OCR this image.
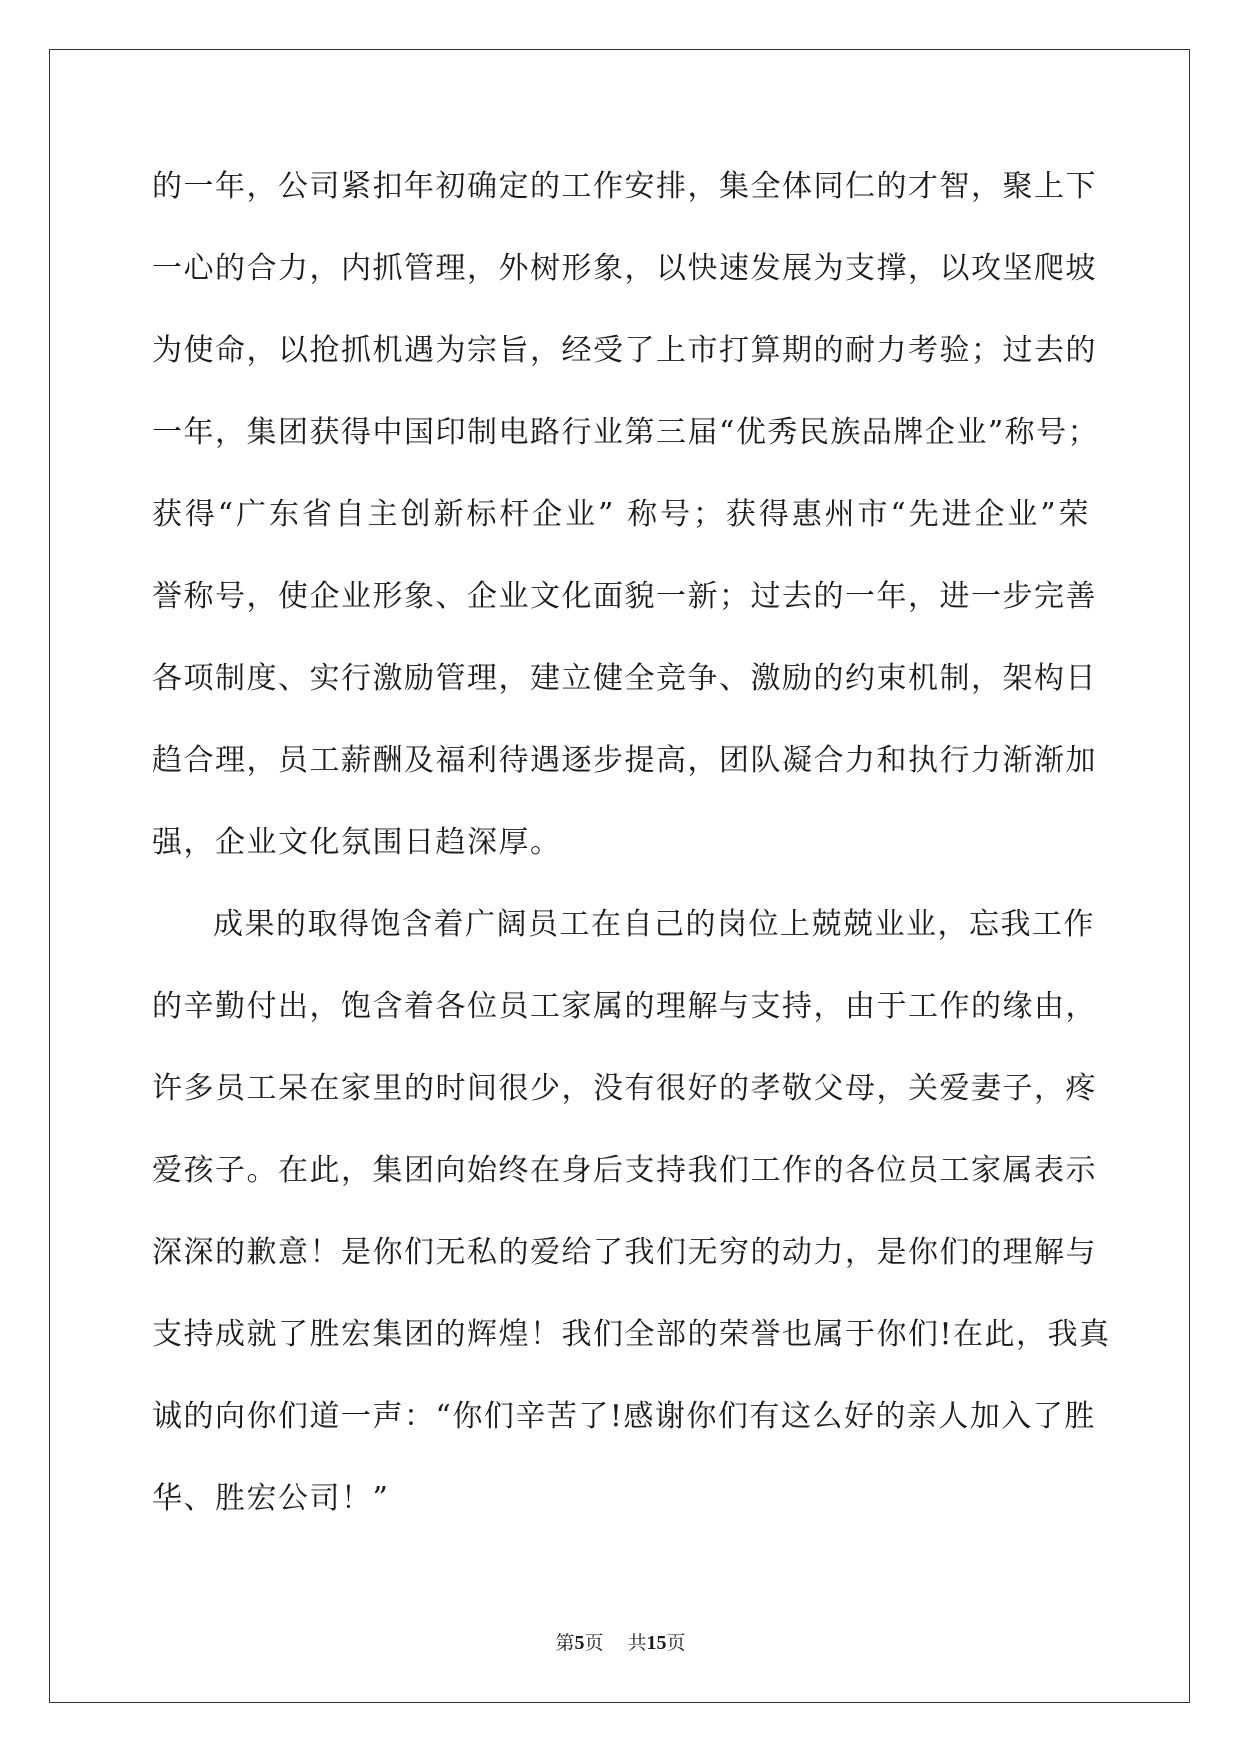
的一年，公司紧扣年初确定的工作安排，集全体同仁的才智，聚上下
一心的合力，内抓管理，外树形象，以快速发展为支撑，以攻坚爬坡
为使命，以抢抓机遇为宗旨，经受了上市打算期的耐力考验；过去的
一年，集团获得中国印制电路行业第三届“优秀民族品牌企业”称号；
获得“广东省自主创新标杆企业” 称号；获得惠州市“先进企业”荣
誉称号，使企业形象、企业文化面貌一新；过去的一年，进一步完善
各项制度、实行激励管理，建立健全竞争、激励的约束机制，架构日
趋合理，员工薪酬及福利待遇逐步提高，团队凝合力和执行力渐渐加
强，企业文化氛围日趋深厚。
成果的取得饱含着广阔员工在自己的岗位上兢兢业业，忘我工作
的辛勤付出，饱含着各位员工家属的理解与支持，由于工作的缘由，
许多员工呆在家里的时间很少，没有很好的孝敬父母，关爱妻子，疼
爱孩子。在此，集团向始终在身后支持我们工作的各位员工家属表示
深深的歉意！是你们无私的爱给了我们无穷的动力，是你们的理解与
支持成就了胜宏集团的辉煌！我们全部的荣誉也属于你们!在此，我真
诚的向你们道一声：“你们辛苦了!感谢你们有这么好的亲人加入了胜
华、胜宏公司！”
第5页 共15页
